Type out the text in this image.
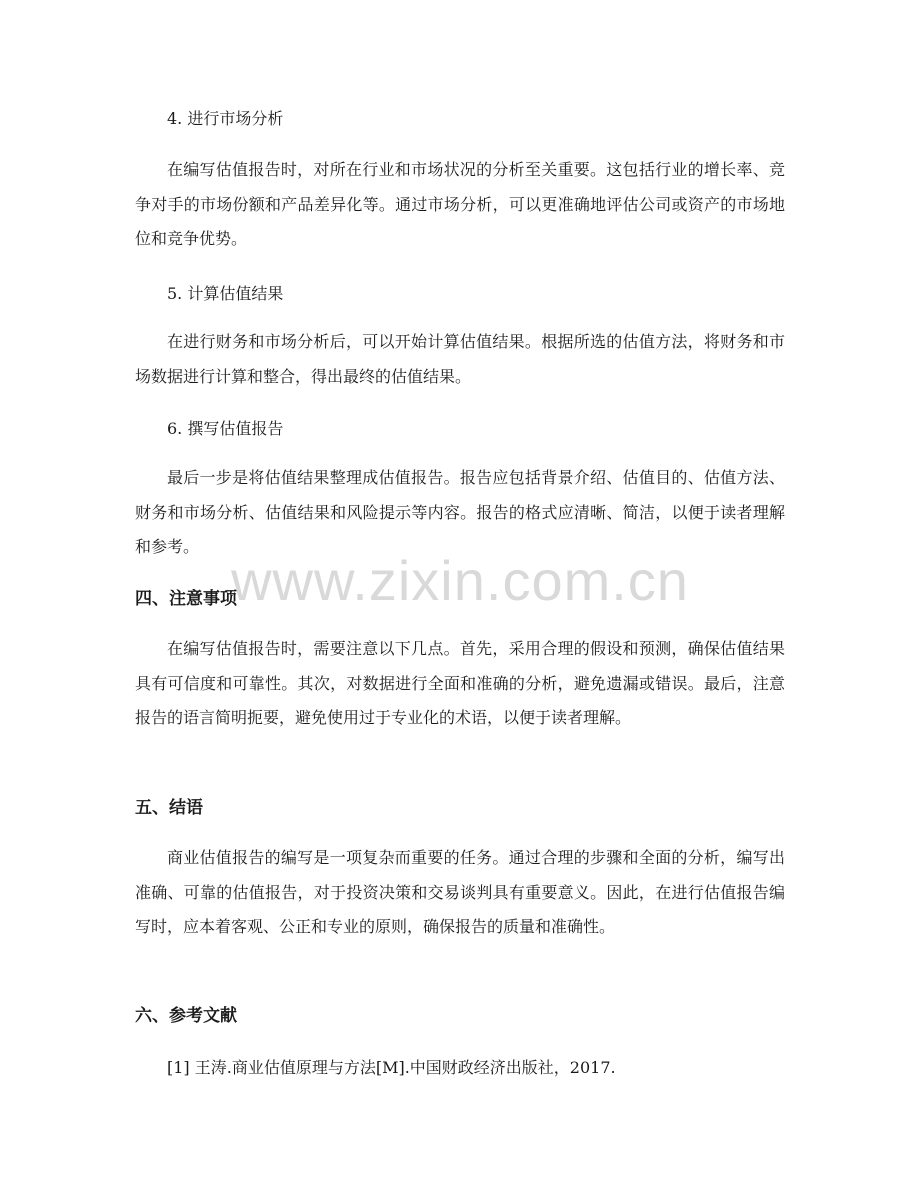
www.zixin.com.cn

4. 进行市场分析

在编写估值报告时，对所在行业和市场状况的分析至关重要。这包括行业的增长率、竞争对手的市场份额和产品差异化等。通过市场分析，可以更准确地评估公司或资产的市场地位和竞争优势。

5. 计算估值结果

在进行财务和市场分析后，可以开始计算估值结果。根据所选的估值方法，将财务和市场数据进行计算和整合，得出最终的估值结果。

6. 撰写估值报告

最后一步是将估值结果整理成估值报告。报告应包括背景介绍、估值目的、估值方法、财务和市场分析、估值结果和风险提示等内容。报告的格式应清晰、简洁，以便于读者理解和参考。

四、注意事项

在编写估值报告时，需要注意以下几点。首先，采用合理的假设和预测，确保估值结果具有可信度和可靠性。其次，对数据进行全面和准确的分析，避免遗漏或错误。最后，注意报告的语言简明扼要，避免使用过于专业化的术语，以便于读者理解。

五、结语

商业估值报告的编写是一项复杂而重要的任务。通过合理的步骤和全面的分析，编写出准确、可靠的估值报告，对于投资决策和交易谈判具有重要意义。因此，在进行估值报告编写时，应本着客观、公正和专业的原则，确保报告的质量和准确性。

六、参考文献

[1] 王涛.商业估值原理与方法[M].中国财政经济出版社，2017.
